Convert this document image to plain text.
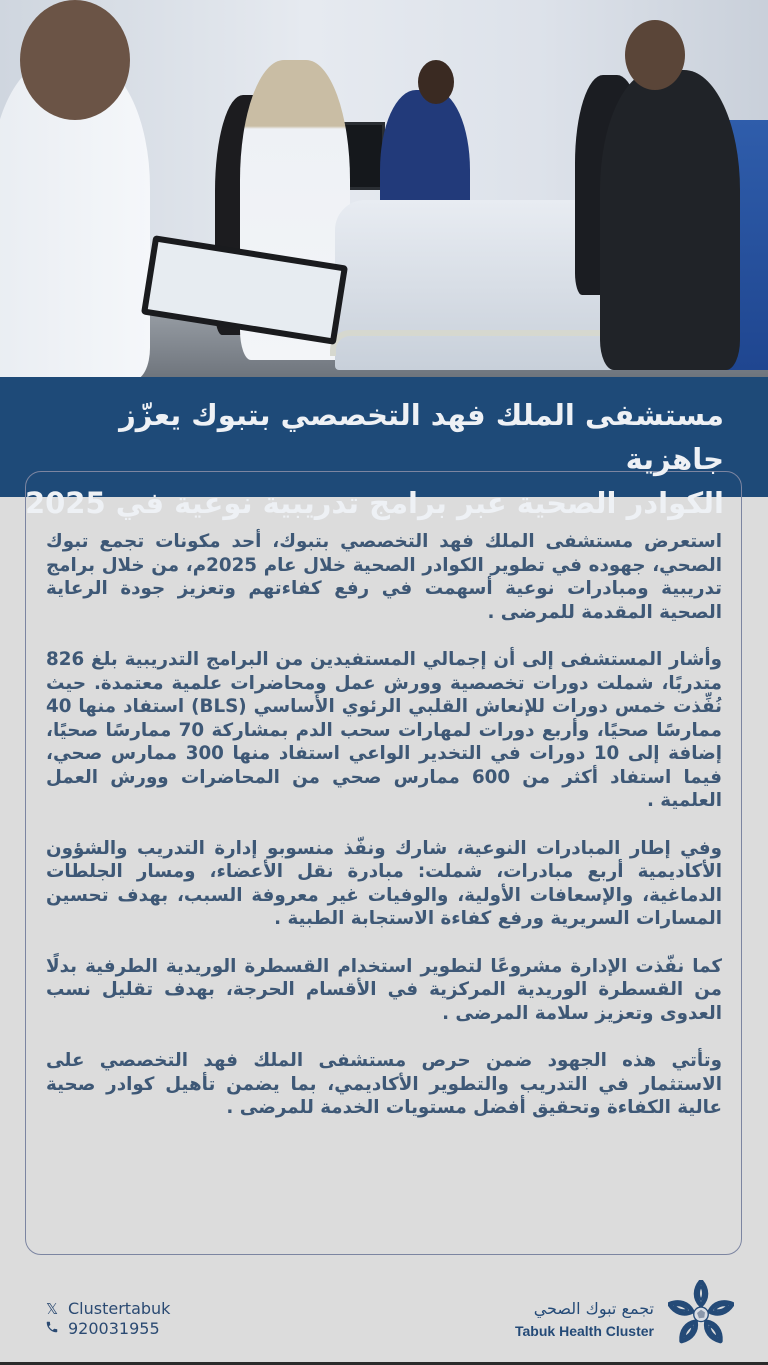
مستشفى الملك فهد التخصصي بتبوك يعزّز جاهزية
الكوادر الصحية عبر برامج تدريبية نوعية في 2025

استعرض مستشفى الملك فهد التخصصي بتبوك، أحد مكونات تجمع تبوك الصحي، جهوده في تطوير الكوادر الصحية خلال عام 2025م، من خلال برامج تدريبية ومبادرات نوعية أسهمت في رفع كفاءتهم وتعزيز جودة الرعاية الصحية المقدمة للمرضى .

وأشار المستشفى إلى أن إجمالي المستفيدين من البرامج التدريبية بلغ 826 متدربًا، شملت دورات تخصصية وورش عمل ومحاضرات علمية معتمدة. حيث نُفِّذت خمس دورات للإنعاش القلبي الرئوي الأساسي (BLS) استفاد منها 40 ممارسًا صحيًا، وأربع دورات لمهارات سحب الدم بمشاركة 70 ممارسًا صحيًا، إضافة إلى 10 دورات في التخدير الواعي استفاد منها 300 ممارس صحي، فيما استفاد أكثر من 600 ممارس صحي من المحاضرات وورش العمل العلمية .

وفي إطار المبادرات النوعية، شارك ونفّذ منسوبو إدارة التدريب والشؤون الأكاديمية أربع مبادرات، شملت: مبادرة نقل الأعضاء، ومسار الجلطات الدماغية، والإسعافات الأولية، والوفيات غير معروفة السبب، بهدف تحسين المسارات السريرية ورفع كفاءة الاستجابة الطبية .

كما نفّذت الإدارة مشروعًا لتطوير استخدام القسطرة الوريدية الطرفية بدلًا من القسطرة الوريدية المركزية في الأقسام الحرجة، بهدف تقليل نسب العدوى وتعزيز سلامة المرضى .

وتأتي هذه الجهود ضمن حرص مستشفى الملك فهد التخصصي على الاستثمار في التدريب والتطوير الأكاديمي، بما يضمن تأهيل كوادر صحية عالية الكفاءة وتحقيق أفضل مستويات الخدمة للمرضى .

𝕏 Clustertabuk
920031955
تجمع تبوك الصحي
Tabuk Health Cluster
